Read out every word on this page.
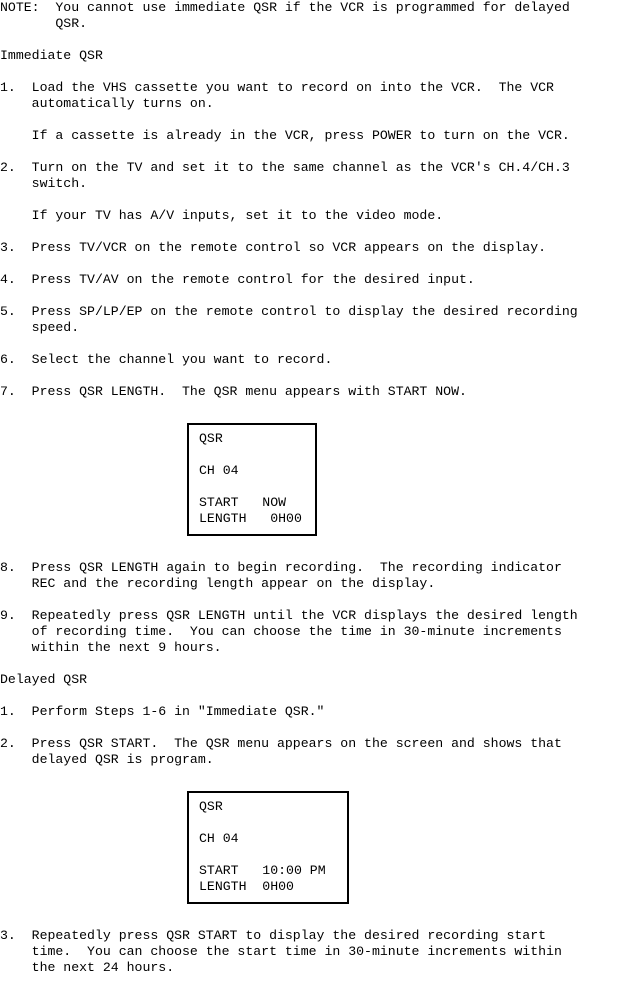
NOTE:  You cannot use immediate QSR if the VCR is programmed for delayed
QSR.
Immediate QSR
1.  Load the VHS cassette you want to record on into the VCR.  The VCR
automatically turns on.
If a cassette is already in the VCR, press POWER to turn on the VCR.
2.  Turn on the TV and set it to the same channel as the VCR's CH.4/CH.3
switch.
If your TV has A/V inputs, set it to the video mode.
3.  Press TV/VCR on the remote control so VCR appears on the display.
4.  Press TV/AV on the remote control for the desired input.
5.  Press SP/LP/EP on the remote control to display the desired recording
speed.
6.  Select the channel you want to record.
7.  Press QSR LENGTH.  The QSR menu appears with START NOW.
QSR
CH 04
START   NOW
LENGTH   0H00
8.  Press QSR LENGTH again to begin recording.  The recording indicator
REC and the recording length appear on the display.
9.  Repeatedly press QSR LENGTH until the VCR displays the desired length
of recording time.  You can choose the time in 30-minute increments
within the next 9 hours.
Delayed QSR
1.  Perform Steps 1-6 in "Immediate QSR."
2.  Press QSR START.  The QSR menu appears on the screen and shows that
delayed QSR is program.
QSR
CH 04
START   10:00 PM
LENGTH  0H00
3.  Repeatedly press QSR START to display the desired recording start
time.  You can choose the start time in 30-minute increments within
the next 24 hours.
